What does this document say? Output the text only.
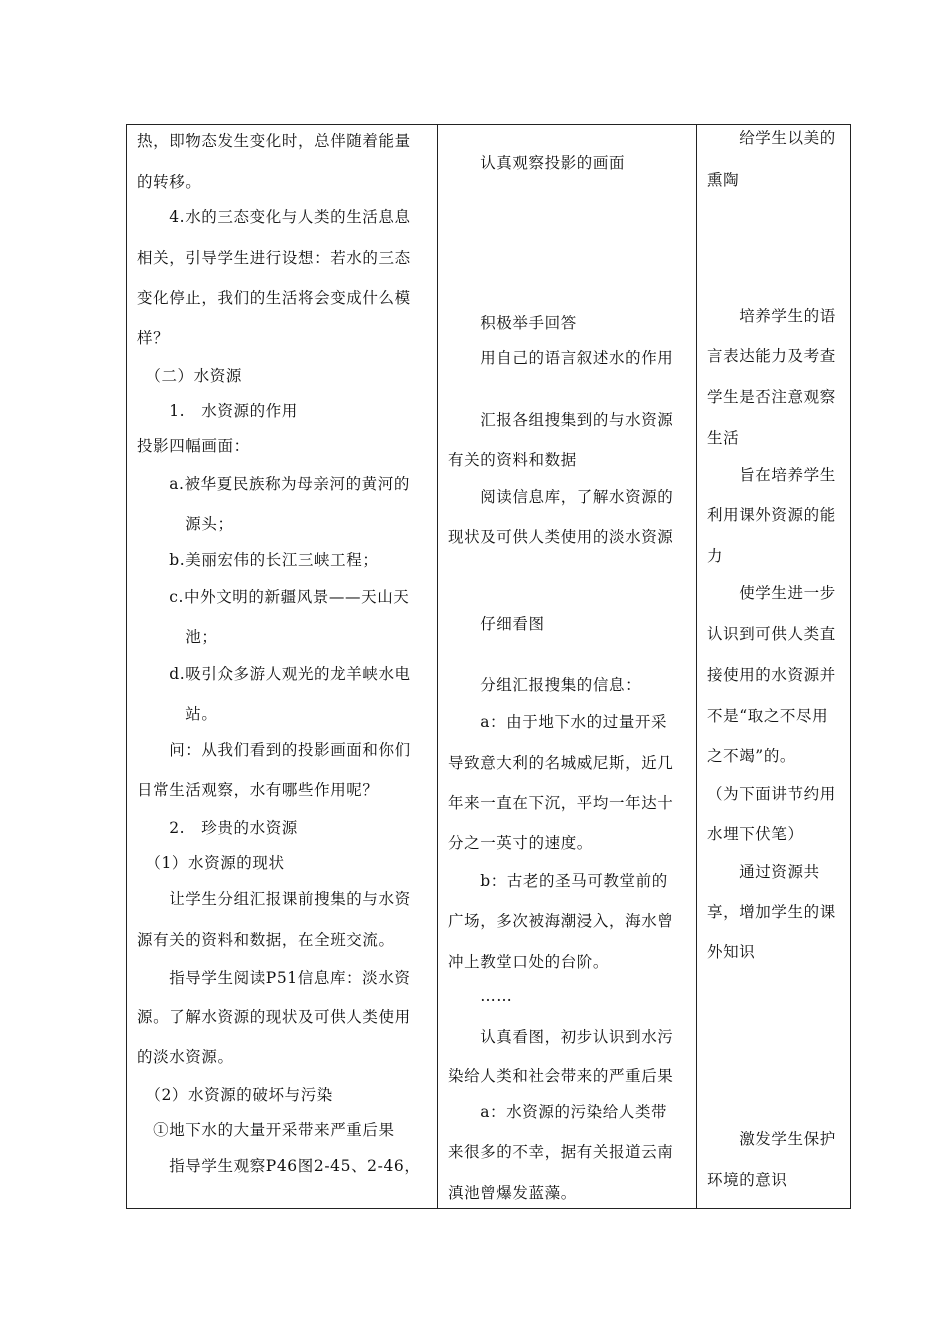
热，即物态发生变化时，总伴随着能量
的转移。
　　4.水的三态变化与人类的生活息息
相关，引导学生进行设想：若水的三态
变化停止，我们的生活将会变成什么模
样？
　（二）水资源
　　1.　水资源的作用
投影四幅画面：
　　a.被华夏民族称为母亲河的黄河的
　　　源头；
　　b.美丽宏伟的长江三峡工程；
　　c.中外文明的新疆风景——天山天
　　　池；
　　d.吸引众多游人观光的龙羊峡水电
　　　站。
　　问：从我们看到的投影画面和你们
日常生活观察，水有哪些作用呢？
　　2.　珍贵的水资源
　（1）水资源的现状
　　让学生分组汇报课前搜集的与水资
源有关的资料和数据，在全班交流。
　　指导学生阅读P51信息库：淡水资
源。了解水资源的现状及可供人类使用
的淡水资源。
　（2）水资源的破坏与污染
　①地下水的大量开采带来严重后果
　　指导学生观察P46图2-45、2-46，

　　认真观察投影的画面
　　积极举手回答
　　用自己的语言叙述水的作用
　　汇报各组搜集到的与水资源
有关的资料和数据
　　阅读信息库，了解水资源的
现状及可供人类使用的淡水资源
　　仔细看图
　　分组汇报搜集的信息：
　　a：由于地下水的过量开采
导致意大利的名城威尼斯，近几
年来一直在下沉，平均一年达十
分之一英寸的速度。
　　b：古老的圣马可教堂前的
广场，多次被海潮浸入，海水曾
冲上教堂口处的台阶。
　　……
　　认真看图，初步认识到水污
染给人类和社会带来的严重后果
　　a：水资源的污染给人类带
来很多的不幸，据有关报道云南
滇池曾爆发蓝藻。

　　给学生以美的
熏陶
　　培养学生的语
言表达能力及考查
学生是否注意观察
生活
　　旨在培养学生
利用课外资源的能
力
　　使学生进一步
认识到可供人类直
接使用的水资源并
不是“取之不尽用
之不竭”的。
（为下面讲节约用
水埋下伏笔）
　　通过资源共
享，增加学生的课
外知识
　　激发学生保护
环境的意识
